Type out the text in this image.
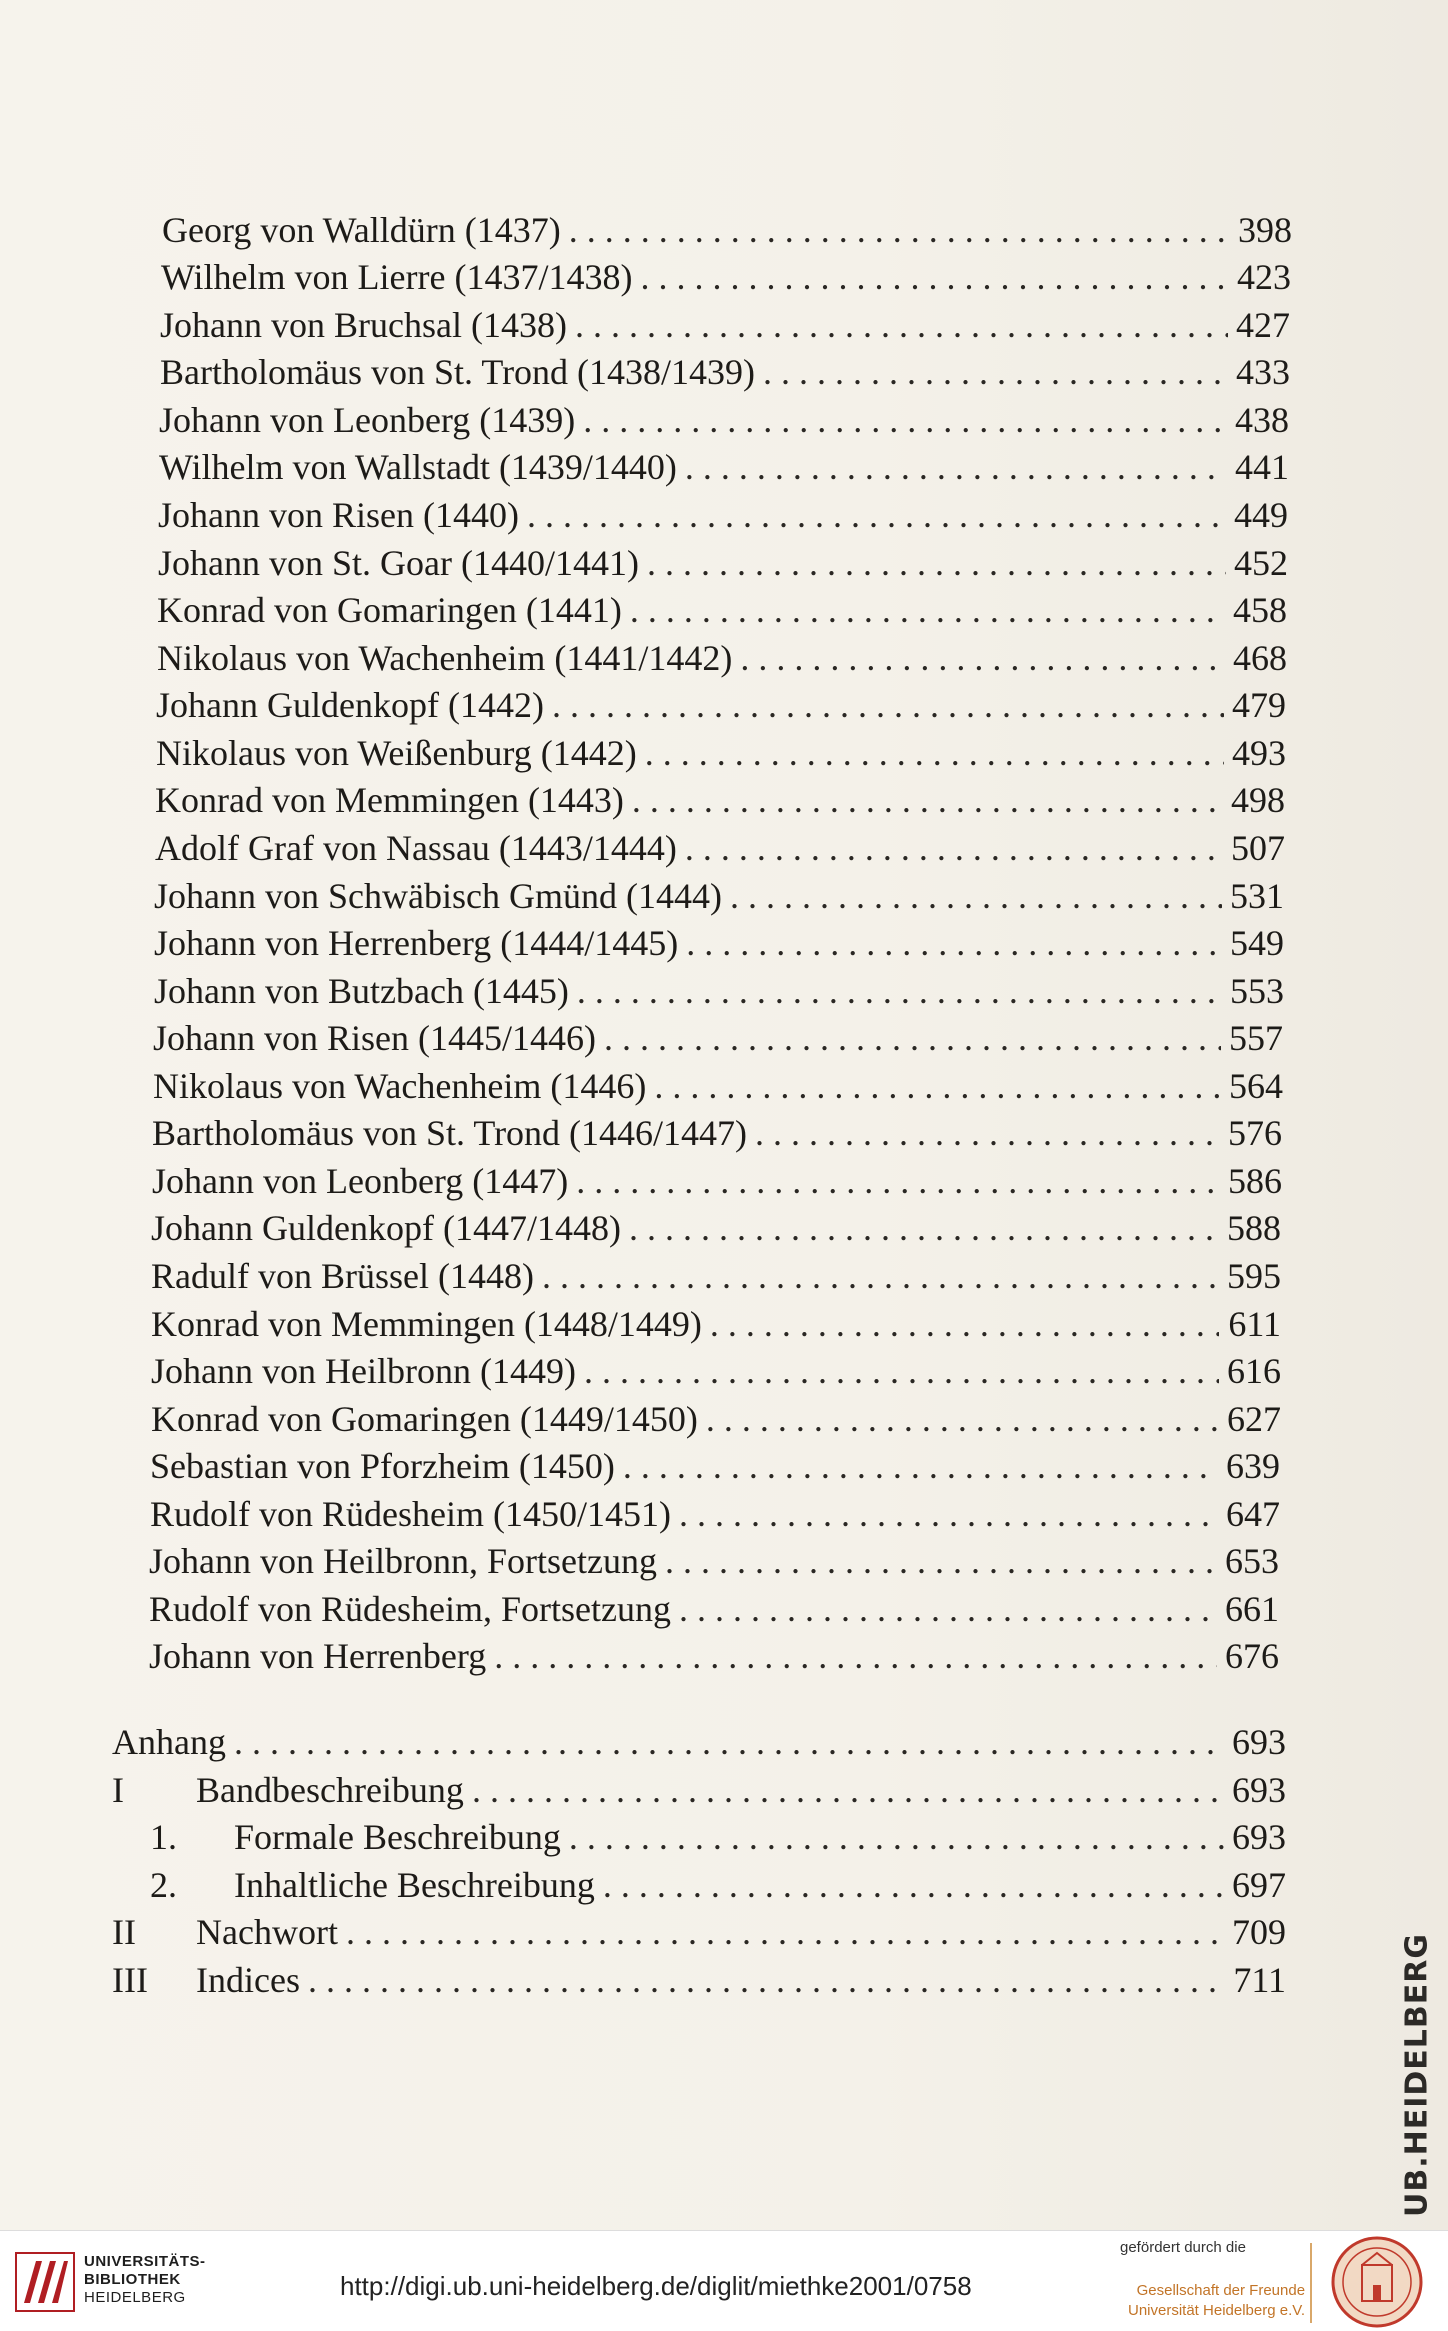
Georg von Walldürn (1437) . . .	398
Wilhelm von Lierre (1437/1438) . . .	423
Johann von Bruchsal (1438) . . .	427
Bartholomäus von St. Trond (1438/1439) . . .	433
Johann von Leonberg (1439) . . .	438
Wilhelm von Wallstadt (1439/1440) . . .	441
Johann von Risen (1440) . . .	449
Johann von St. Goar (1440/1441) . . .	452
Konrad von Gomaringen (1441) . . .	458
Nikolaus von Wachenheim (1441/1442) . . .	468
Johann Guldenkopf (1442) . . .	479
Nikolaus von Weißenburg (1442) . . .	493
Konrad von Memmingen (1443) . . .	498
Adolf Graf von Nassau (1443/1444) . . .	507
Johann von Schwäbisch Gmünd (1444) . . .	531
Johann von Herrenberg (1444/1445) . . .	549
Johann von Butzbach (1445) . . .	553
Johann von Risen (1445/1446) . . .	557
Nikolaus von Wachenheim (1446) . . .	564
Bartholomäus von St. Trond (1446/1447) . . .	576
Johann von Leonberg (1447) . . .	586
Johann Guldenkopf (1447/1448) . . .	588
Radulf von Brüssel (1448) . . .	595
Konrad von Memmingen (1448/1449) . . .	611
Johann von Heilbronn (1449) . . .	616
Konrad von Gomaringen (1449/1450) . . .	627
Sebastian von Pforzheim (1450) . . .	639
Rudolf von Rüdesheim (1450/1451) . . .	647
Johann von Heilbronn, Fortsetzung . . .	653
Rudolf von Rüdesheim, Fortsetzung . . .	661
Johann von Herrenberg . . .	676
Anhang . . .	693
I	Bandbeschreibung . . .	693
1.	Formale Beschreibung . . .	693
2.	Inhaltliche Beschreibung . . .	697
II	Nachwort . . .	709
III	Indices . . .	711	UB.HEIDELBERG
UNIVERSITÄTS-
BIBLIOTHEK
HEIDELBERG	http://digi.ub.uni-heidelberg.de/diglit/miethke2001/0758
gefördert durch die
Gesellschaft der Freunde
Universität Heidelberg e.V.
